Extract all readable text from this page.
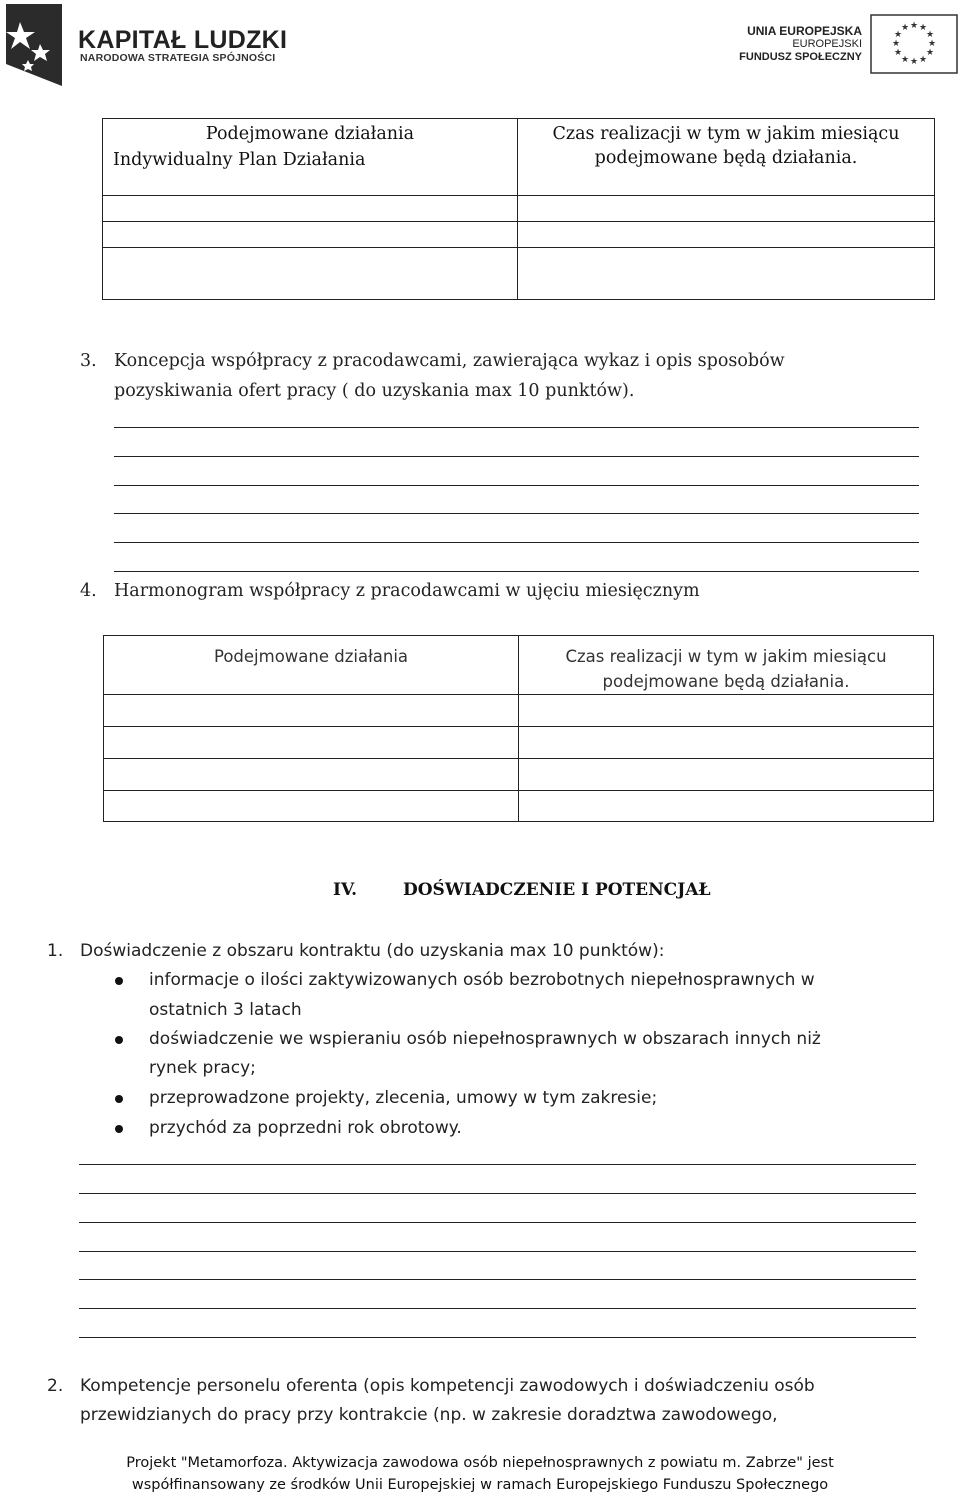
KAPITAŁ LUDZKI
NARODOWA STRATEGIA SPÓJNOŚCI
UNIA EUROPEJSKA
EUROPEJSKI
FUNDUSZ SPOŁECZNY
★ ★
★
★
★
★
★
★
★
★
★
★
Podejmowane działania
Indywidualny Plan Działania	Czas realizacji w tym w jakim miesiącu podejmowane będą działania.

3. Koncepcja współpracy z pracodawcami, zawierająca wykaz i opis sposobów
pozyskiwania ofert pracy ( do uzyskania max 10 punktów).
4. Harmonogram współpracy z pracodawcami w ujęciu miesięcznym
Podejmowane działania	Czas realizacji w tym w jakim miesiącu podejmowane będą działania.

IV.	DOŚWIADCZENIE I POTENCJAŁ
1. Doświadczenie z obszaru kontraktu (do uzyskania max 10 punktów):
informacje o ilości zaktywizowanych osób bezrobotnych niepełnosprawnych w
ostatnich 3 latach
doświadczenie we wspieraniu osób niepełnosprawnych w obszarach innych niż
rynek pracy;
przeprowadzone projekty, zlecenia, umowy w tym zakresie;
przychód za poprzedni rok obrotowy.
2. Kompetencje personelu oferenta (opis kompetencji zawodowych i doświadczeniu osób
przewidzianych do pracy przy kontrakcie (np. w zakresie doradztwa zawodowego,
Projekt "Metamorfoza. Aktywizacja zawodowa osób niepełnosprawnych z powiatu m. Zabrze" jest
współfinansowany ze środków Unii Europejskiej w ramach Europejskiego Funduszu Społecznego
